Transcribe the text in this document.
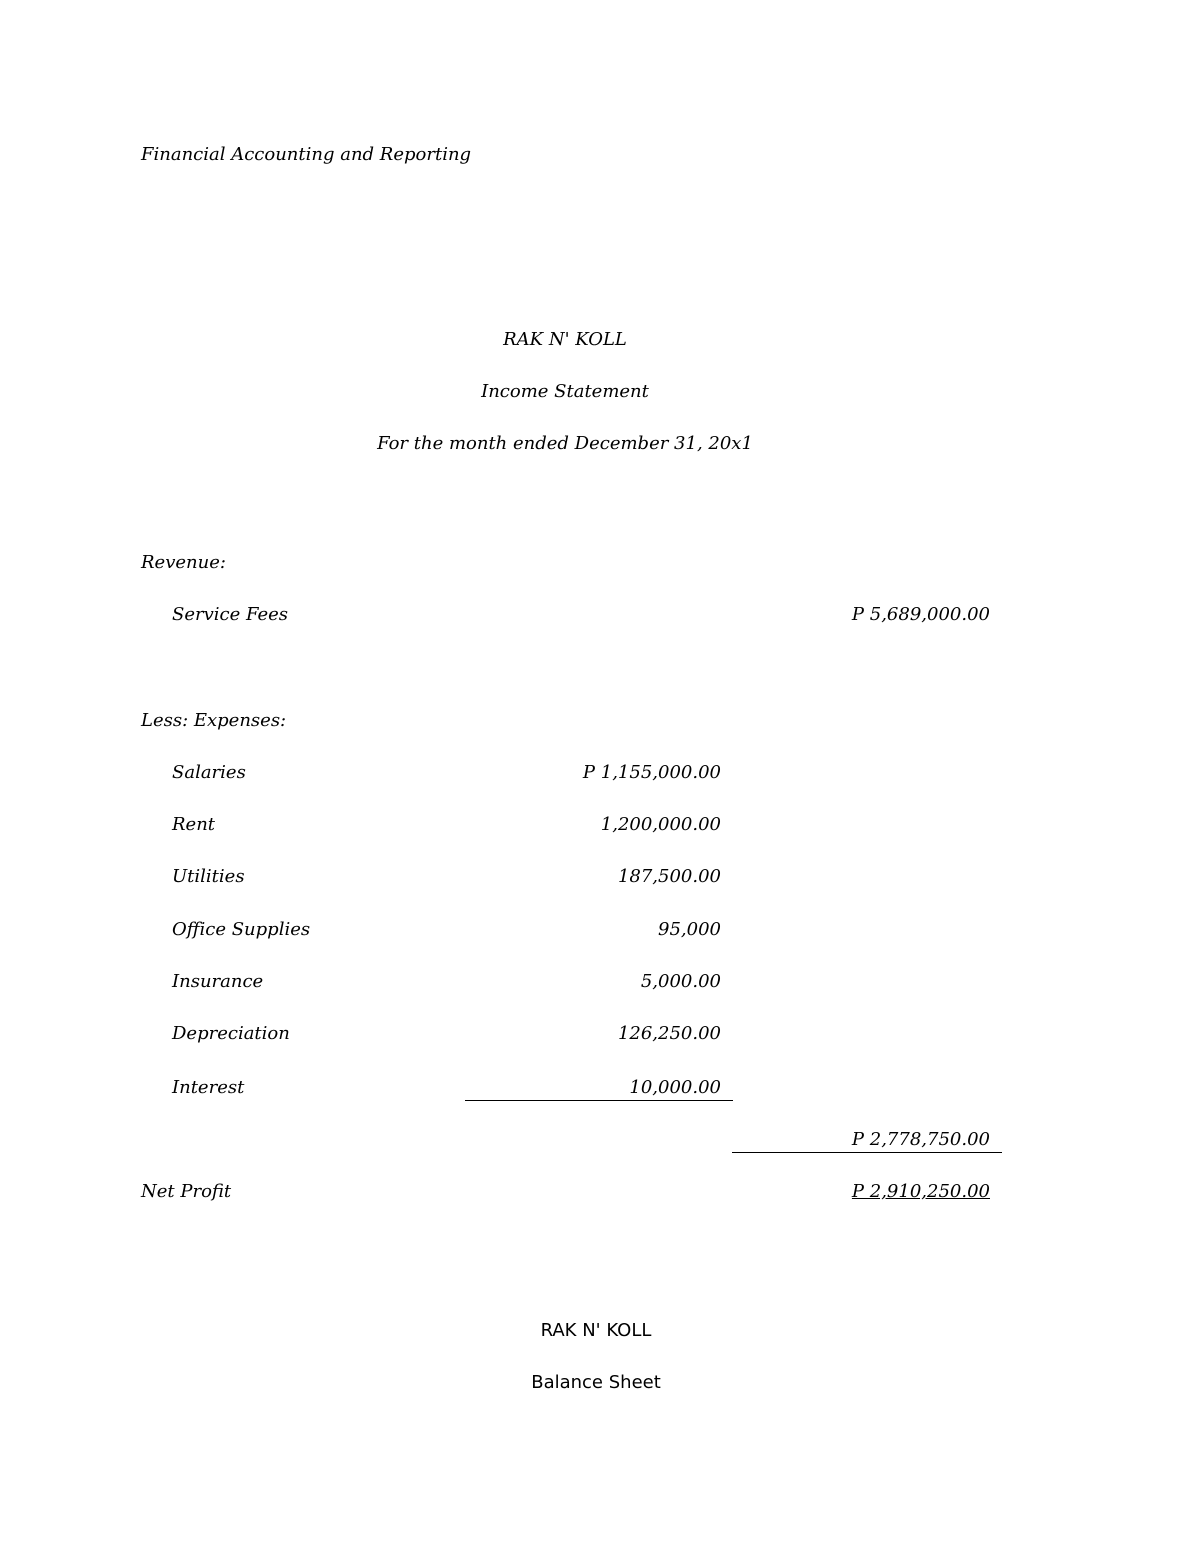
Financial Accounting and Reporting
RAK N' KOLL
Income Statement
For the month ended December 31, 20x1
Revenue:
Service Fees	P 5,689,000.00
Less: Expenses:
Salaries	P 1,155,000.00
Rent	1,200,000.00
Utilities	187,500.00
Office Supplies	95,000
Insurance	5,000.00
Depreciation	126,250.00
Interest	10,000.00
P 2,778,750.00
Net Profit	P 2,910,250.00
RAK N' KOLL
Balance Sheet
